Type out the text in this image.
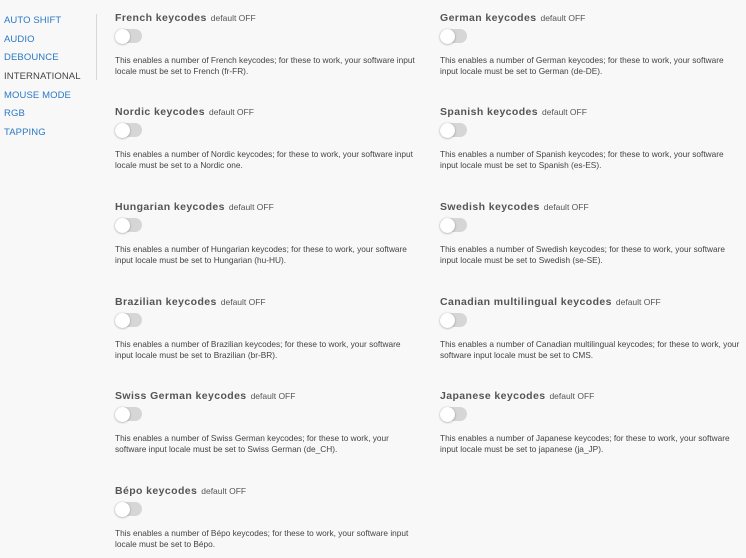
AUTO SHIFT
AUDIO
DEBOUNCE
INTERNATIONAL
MOUSE MODE
RGB
TAPPING
French keycodes default OFF
This enables a number of French keycodes; for these to work, your software input locale must be set to French (fr-FR).
German keycodes default OFF
This enables a number of German keycodes; for these to work, your software input locale must be set to German (de-DE).
Nordic keycodes default OFF
This enables a number of Nordic keycodes; for these to work, your software input locale must be set to a Nordic one.
Spanish keycodes default OFF
This enables a number of Spanish keycodes; for these to work, your software input locale must be set to Spanish (es-ES).
Hungarian keycodes default OFF
This enables a number of Hungarian keycodes; for these to work, your software input locale must be set to Hungarian (hu-HU).
Swedish keycodes default OFF
This enables a number of Swedish keycodes; for these to work, your software input locale must be set to Swedish (se-SE).
Brazilian keycodes default OFF
This enables a number of Brazilian keycodes; for these to work, your software input locale must be set to Brazilian (br-BR).
Canadian multilingual keycodes default OFF
This enables a number of Canadian multilingual keycodes; for these to work, your software input locale must be set to CMS.
Swiss German keycodes default OFF
This enables a number of Swiss German keycodes; for these to work, your software input locale must be set to Swiss German (de_CH).
Japanese keycodes default OFF
This enables a number of Japanese keycodes; for these to work, your software input locale must be set to japanese (ja_JP).
Bépo keycodes default OFF
This enables a number of Bépo keycodes; for these to work, your software input locale must be set to Bépo.
